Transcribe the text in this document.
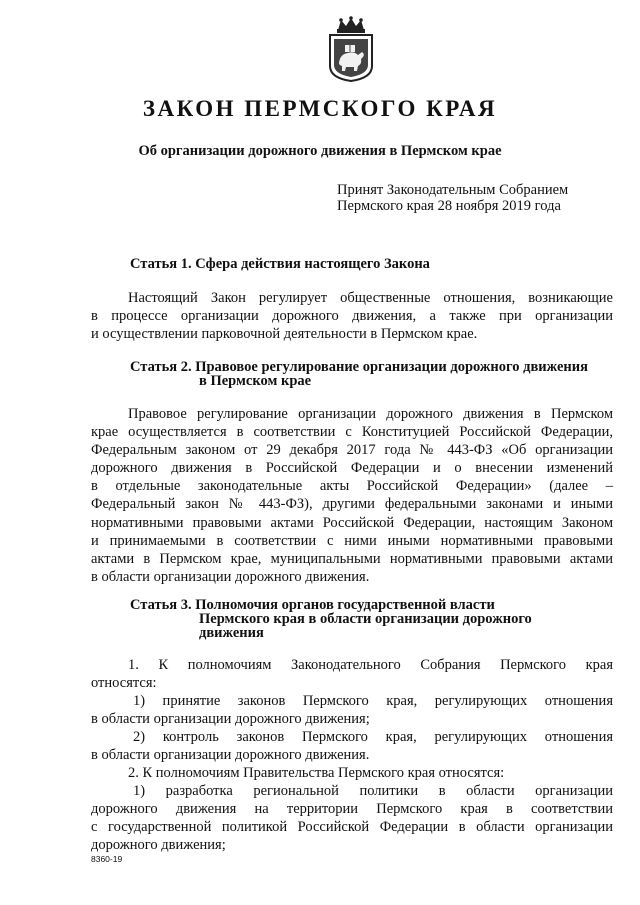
ЗАКОН ПЕРМСКОГО КРАЯ
Об организации дорожного движения в Пермском крае
Принят Законодательным Собранием
Пермского края 28 ноября 2019 года
Статья 1. Сфера действия настоящего Закона
Настоящий Закон регулирует общественные отношения, возникающие
в процессе организации дорожного движения, а также при организации
и осуществлении парковочной деятельности в Пермском крае.
Статья 2. Правовое регулирование организации дорожного движения
в Пермском крае
Правовое регулирование организации дорожного движения в Пермском
крае осуществляется в соответствии с Конституцией Российской Федерации,
Федеральным законом от 29 декабря 2017 года № 443-ФЗ «Об организации
дорожного движения в Российской Федерации и о внесении изменений
в отдельные законодательные акты Российской Федерации» (далее –
Федеральный закон № 443-ФЗ), другими федеральными законами и иными
нормативными правовыми актами Российской Федерации, настоящим Законом
и принимаемыми в соответствии с ними иными нормативными правовыми
актами в Пермском крае, муниципальными нормативными правовыми актами
в области организации дорожного движения.
Статья 3. Полномочия органов государственной власти
Пермского края в области организации дорожного
движения
1. К полномочиям Законодательного Собрания Пермского края
относятся:
1) принятие законов Пермского края, регулирующих отношения
в области организации дорожного движения;
2) контроль законов Пермского края, регулирующих отношения
в области организации дорожного движения.
2. К полномочиям Правительства Пермского края относятся:
1) разработка региональной политики в области организации
дорожного движения на территории Пермского края в соответствии
с государственной политикой Российской Федерации в области организации
дорожного движения;
8360-19
